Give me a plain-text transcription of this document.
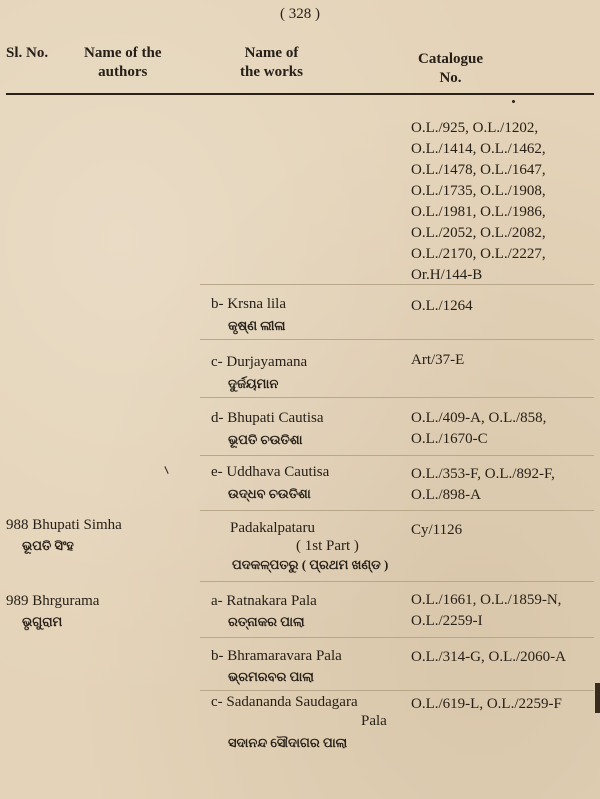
( 328 )
Sl. No. Name of the
authors
Name of
the works
Catalogue
No.
O.L./925, O.L./1202,
O.L./1414, O.L./1462,
O.L./1478, O.L./1647,
O.L./1735, O.L./1908,
O.L./1981, O.L./1986,
O.L./2052, O.L./2082,
O.L./2170, O.L./2227,
Or.H/144-B
b- Krsna lila
କୃଷ୍ଣ ଲୀଳା
O.L./1264
c- Durjayamana
ଦୁର୍ଜୟମାନ
Art/37-E
d- Bhupati Cautisa
ଭୂପତି ଚଉତିଶା
O.L./409-A, O.L./858,
O.L./1670-C
e- Uddhava Cautisa
ଉଦ୍ଧବ ଚଉତିଶା
O.L./353-F, O.L./892-F,
O.L./898-A
988 Bhupati Simha
ଭୂପତି ସିଂହ
Padakalpataru
( 1st Part )
ପଦକଳ୍ପତରୁ ( ପ୍ରଥମ ଖଣ୍ଡ )
Cy/1126
989 Bhrgurama
ଭୃଗୁରାମ
a- Ratnakara Pala
ରତ୍ନାକର ପାଲା
O.L./1661, O.L./1859-N,
O.L./2259-I
b- Bhramaravara Pala
ଭ୍ରମରବର ପାଲା
O.L./314-G, O.L./2060-A
c- Sadananda Saudagara
Pala
ସଦାନନ୍ଦ ସୌଦାଗର ପାଲା
O.L./619-L, O.L./2259-F
